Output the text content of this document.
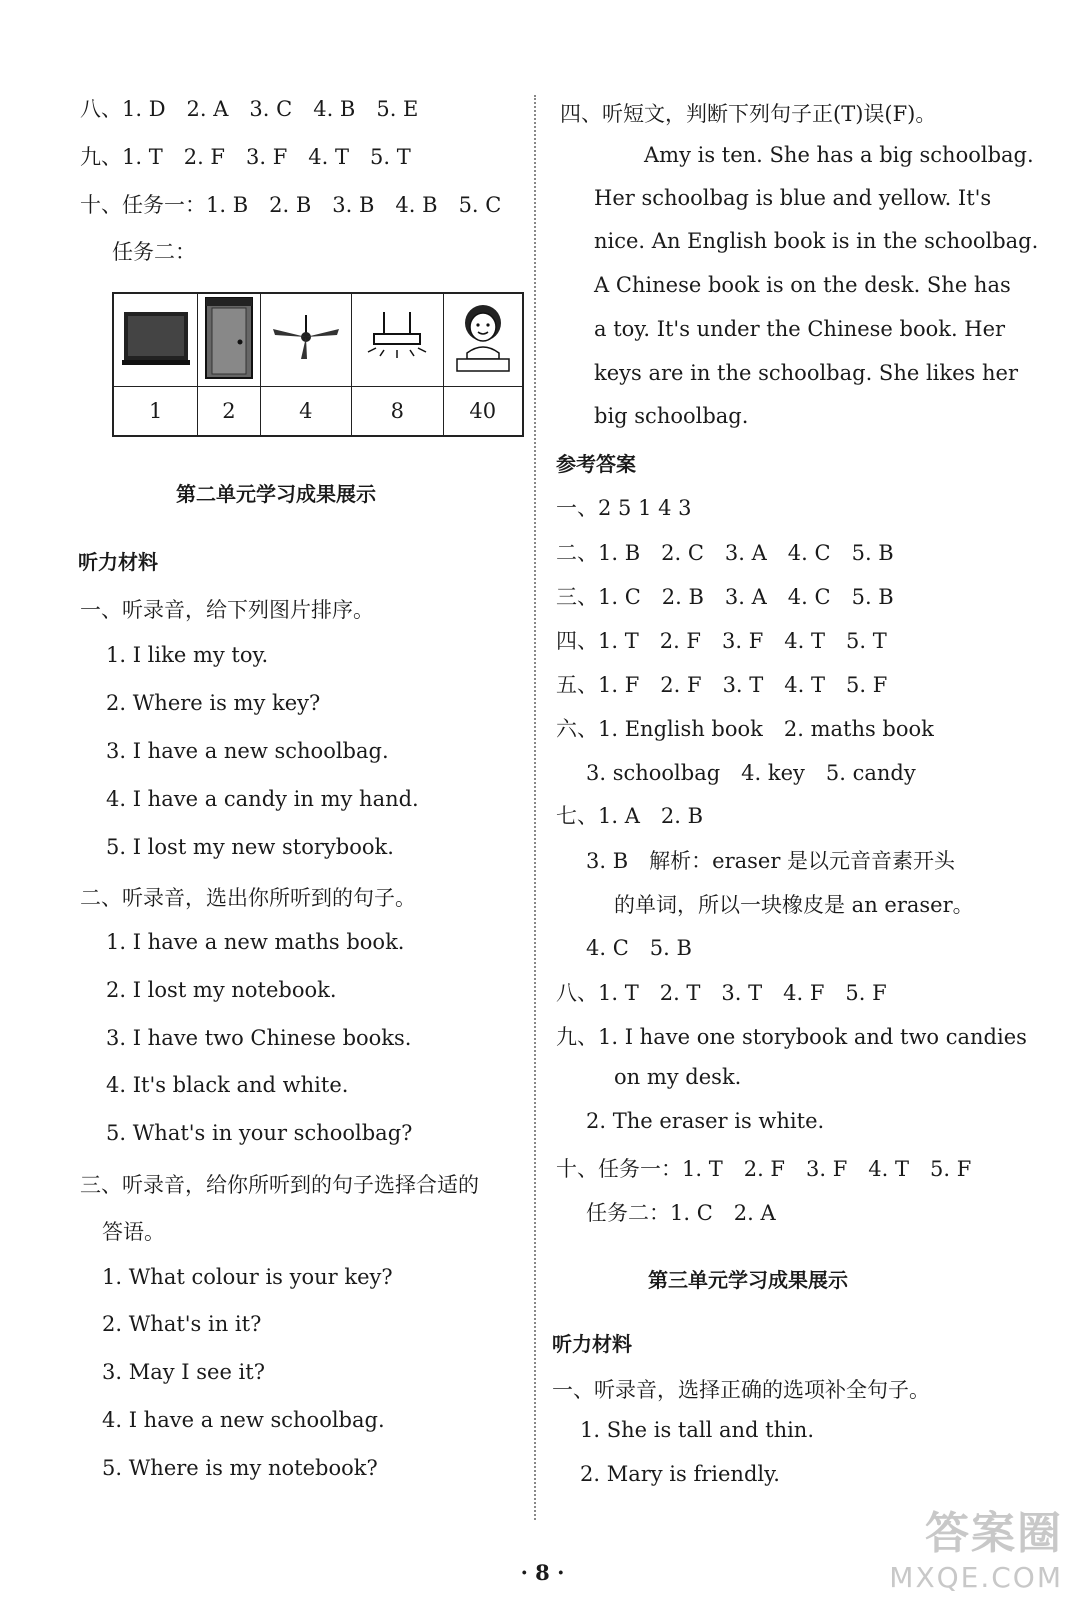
八、1. D　2. A　3. C　4. B　5. E
九、1. T　2. F　3. F　4. T　5. T
十、任务一：1. B　2. B　3. B　4. B　5. C
任务二：

1	2	4	8	40
第二单元学习成果展示
听力材料
一、听录音，给下列图片排序。
1. I like my toy.
2. Where is my key?
3. I have a new schoolbag.
4. I have a candy in my hand.
5. I lost my new storybook.
二、听录音，选出你所听到的句子。
1. I have a new maths book.
2. I lost my notebook.
3. I have two Chinese books.
4. It's black and white.
5. What's in your schoolbag?
三、听录音，给你所听到的句子选择合适的
答语。
1. What colour is your key?
2. What's in it?
3. May I see it?
4. I have a new schoolbag.
5. Where is my notebook?
四、听短文，判断下列句子正(T)误(F)。
Amy is ten. She has a big schoolbag.
Her schoolbag is blue and yellow. It's
nice. An English book is in the schoolbag.
A Chinese book is on the desk. She has
a toy. It's under the Chinese book. Her
keys are in the schoolbag. She likes her
big schoolbag.
参考答案
一、2 5 1 4 3
二、1. B　2. C　3. A　4. C　5. B
三、1. C　2. B　3. A　4. C　5. B
四、1. T　2. F　3. F　4. T　5. T
五、1. F　2. F　3. T　4. T　5. F
六、1. English book　2. maths book
3. schoolbag　4. key　5. candy
七、1. A　2. B
3. B　解析：eraser 是以元音音素开头
的单词，所以一块橡皮是 an eraser。
4. C　5. B
八、1. T　2. T　3. T　4. F　5. F
九、1. I have one storybook and two candies
on my desk.
2. The eraser is white.
十、任务一：1. T　2. F　3. F　4. T　5. F
任务二：1. C　2. A
第三单元学习成果展示
听力材料
一、听录音，选择正确的选项补全句子。
1. She is tall and thin.
2. Mary is friendly.
· 8 ·
答案圈
MXQE.COM
